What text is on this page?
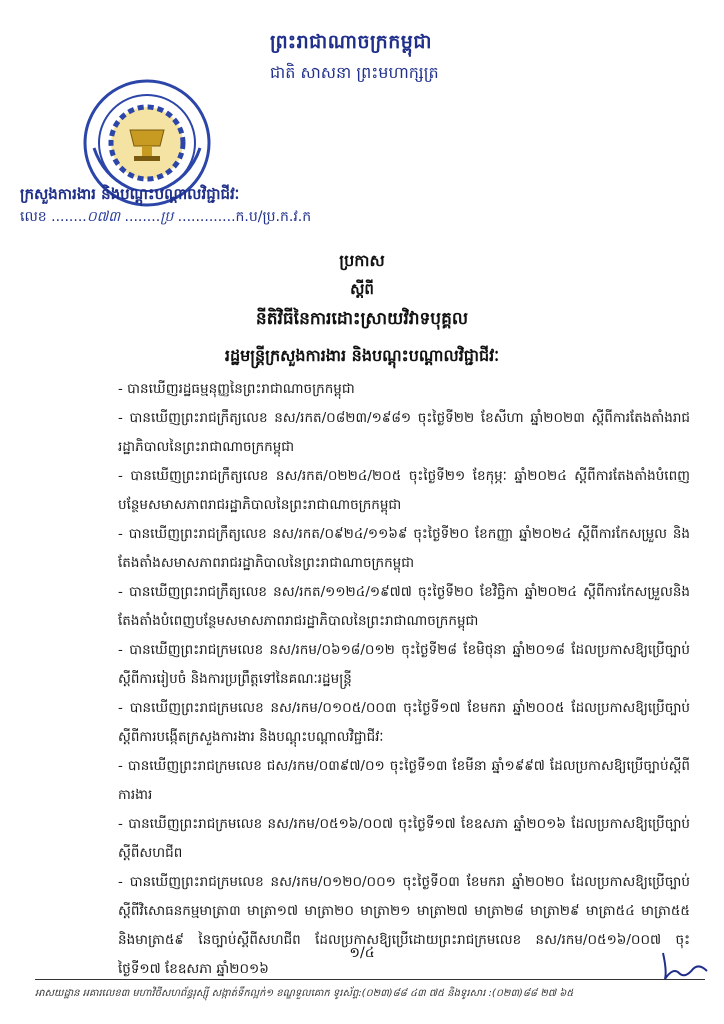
ព្រះរាជាណាចក្រកម្ពុជា
ជាតិ សាសនា ព្រះមហាក្សត្រ
ក្រសួងការងារ និងបណ្តុះបណ្តាលវិជ្ជាជីវៈ
លេខ ........០៧៣ ........ប្រ .............ក.ប/ប្រ.ក.វ.ក
ប្រកាស
ស្តីពី
នីតិវិធីនៃការដោះស្រាយវិវាទបុគ្គល
រដ្ឋមន្ត្រីក្រសួងការងារ និងបណ្តុះបណ្តាលវិជ្ជាជីវៈ
- បានឃើញរដ្ឋធម្មនុញ្ញនៃព្រះរាជាណាចក្រកម្ពុជា
- បានឃើញព្រះរាជក្រឹត្យលេខ នស/រកត/០៨២៣/១៩៨១ ចុះថ្ងៃទី២២ ខែសីហា ឆ្នាំ២០២៣ ស្តីពីការតែងតាំងរាជរដ្ឋាភិបាលនៃព្រះរាជាណាចក្រកម្ពុជា
- បានឃើញព្រះរាជក្រឹត្យលេខ នស/រកត/០២២៤/២០៥ ចុះថ្ងៃទី២១ ខែកុម្ភៈ ឆ្នាំ២០២៤ ស្តីពីការតែងតាំងបំពេញបន្ថែមសមាសភាពរាជរដ្ឋាភិបាលនៃព្រះរាជាណាចក្រកម្ពុជា
- បានឃើញព្រះរាជក្រឹត្យលេខ នស/រកត/០៩២៤/១១៦៩ ចុះថ្ងៃទី២០ ខែកញ្ញា ឆ្នាំ២០២៤ ស្តីពីការកែសម្រួល និងតែងតាំងសមាសភាពរាជរដ្ឋាភិបាលនៃព្រះរាជាណាចក្រកម្ពុជា
- បានឃើញព្រះរាជក្រឹត្យលេខ នស/រកត/១១២៤/១៩៧៧ ចុះថ្ងៃទី២០ ខែវិច្ឆិកា ឆ្នាំ២០២៤ ស្តីពីការកែសម្រួលនិងតែងតាំងបំពេញបន្ថែមសមាសភាពរាជរដ្ឋាភិបាលនៃព្រះរាជាណាចក្រកម្ពុជា
- បានឃើញព្រះរាជក្រមលេខ នស/រកម/០៦១៨/០១២ ចុះថ្ងៃទី២៨ ខែមិថុនា ឆ្នាំ២០១៨ ដែលប្រកាសឱ្យប្រើច្បាប់ស្តីពីការរៀបចំ និងការប្រព្រឹត្តទៅនៃគណៈរដ្ឋមន្ត្រី
- បានឃើញព្រះរាជក្រមលេខ នស/រកម/០១០៥/០០៣ ចុះថ្ងៃទី១៧ ខែមករា ឆ្នាំ២០០៥ ដែលប្រកាសឱ្យប្រើច្បាប់ស្តីពីការបង្កើតក្រសួងការងារ និងបណ្តុះបណ្តាលវិជ្ជាជីវៈ
- បានឃើញព្រះរាជក្រមលេខ ជស/រកម/០៣៩៧/០១ ចុះថ្ងៃទី១៣ ខែមីនា ឆ្នាំ១៩៩៧ ដែលប្រកាសឱ្យប្រើច្បាប់ស្តីពីការងារ
- បានឃើញព្រះរាជក្រមលេខ នស/រកម/០៥១៦/០០៧ ចុះថ្ងៃទី១៧ ខែឧសភា ឆ្នាំ២០១៦ ដែលប្រកាសឱ្យប្រើច្បាប់ស្តីពីសហជីព
- បានឃើញព្រះរាជក្រមលេខ នស/រកម/០១២០/០០១ ចុះថ្ងៃទី០៣ ខែមករា ឆ្នាំ២០២០ ដែលប្រកាសឱ្យប្រើច្បាប់ស្តីពីវិសោធនកម្មមាត្រា៣ មាត្រា១៧ មាត្រា២០ មាត្រា២១ មាត្រា២៧ មាត្រា២៨ មាត្រា២៩ មាត្រា៥៤ មាត្រា៥៥ និងមាត្រា៥៩ នៃច្បាប់ស្តីពីសហជីព ដែលប្រកាសឱ្យប្រើដោយព្រះរាជក្រមលេខ នស/រកម/០៥១៦/០០៧ ចុះថ្ងៃទី១៧ ខែឧសភា ឆ្នាំ២០១៦
១/៤
អាសយដ្ឋាន អគារលេខ៣ មហាវិថីសហព័ន្ធរុស្ស៊ី សង្កាត់ទឹកល្អក់១ ខណ្ឌទួលគោក ទូរស័ព្ទ:(០២៣)៨៨ ៤៣ ៧៥ និងទូរសារ :(០២៣)៨៨ ២៧ ៦៥
